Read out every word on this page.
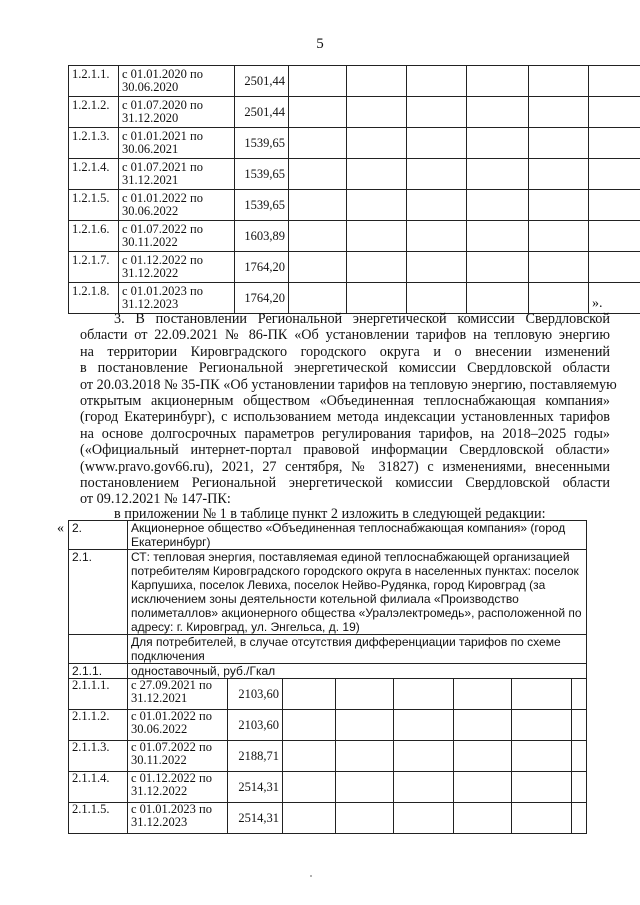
5
1.2.1.1.	с 01.01.2020 по 30.06.2020	2501,44						
1.2.1.2.	с 01.07.2020 по 31.12.2020	2501,44						
1.2.1.3.	с 01.01.2021 по 30.06.2021	1539,65						
1.2.1.4.	с 01.07.2021 по 31.12.2021	1539,65						
1.2.1.5.	с 01.01.2022 по 30.06.2022	1539,65						
1.2.1.6.	с 01.07.2022 по 30.11.2022	1603,89						
1.2.1.7.	с 01.12.2022 по 31.12.2022	1764,20						
1.2.1.8.	с 01.01.2023 по 31.12.2023	1764,20							».
3. В постановлении Региональной энергетической комиссии Свердловской
области от 22.09.2021 № 86-ПК «Об установлении тарифов на тепловую энергию
на территории Кировградского городского округа и о внесении изменений
в постановление Региональной энергетической комиссии Свердловской области
от 20.03.2018 № 35-ПК «Об установлении тарифов на тепловую энергию, поставляемую
открытым акционерным обществом «Объединенная теплоснабжающая компания»
(город Екатеринбург), с использованием метода индексации установленных тарифов
на основе долгосрочных параметров регулирования тарифов, на 2018–2025 годы»
(«Официальный интернет-портал правовой информации Свердловской области»
(www.pravo.gov66.ru), 2021, 27 сентября, № 31827) с изменениями, внесенными
постановлением Региональной энергетической комиссии Свердловской области
от 09.12.2021 № 147-ПК:
в приложении № 1 в таблице пункт 2 изложить в следующей редакции:
« 2.	Акционерное общество «Объединенная теплоснабжающая компания» (город Екатеринбург)							
2.1.	СТ: тепловая энергия, поставляемая единой теплоснабжающей организацией потребителям Кировградского городского округа в населенных пунктах: поселок Карпушиха, поселок Левиха, поселок Нейво-Рудянка, город Кировград (за исключением зоны деятельности котельной филиала «Производство полиметаллов» акционерного общества «Уралэлектромедь», расположенной по адресу: г. Кировград, ул. Энгельса, д. 19)							
	Для потребителей, в случае отсутствия дифференциации тарифов по схеме подключения							
2.1.1.	одноставочный, руб./Гкал							
2.1.1.1.	с 27.09.2021 по 31.12.2021	2103,60						
2.1.1.2.	с 01.01.2022 по 30.06.2022	2103,60						
2.1.1.3.	с 01.07.2022 по 30.11.2022	2188,71						
2.1.1.4.	с 01.12.2022 по 31.12.2022	2514,31						
2.1.1.5.	с 01.01.2023 по 31.12.2023	2514,31						
